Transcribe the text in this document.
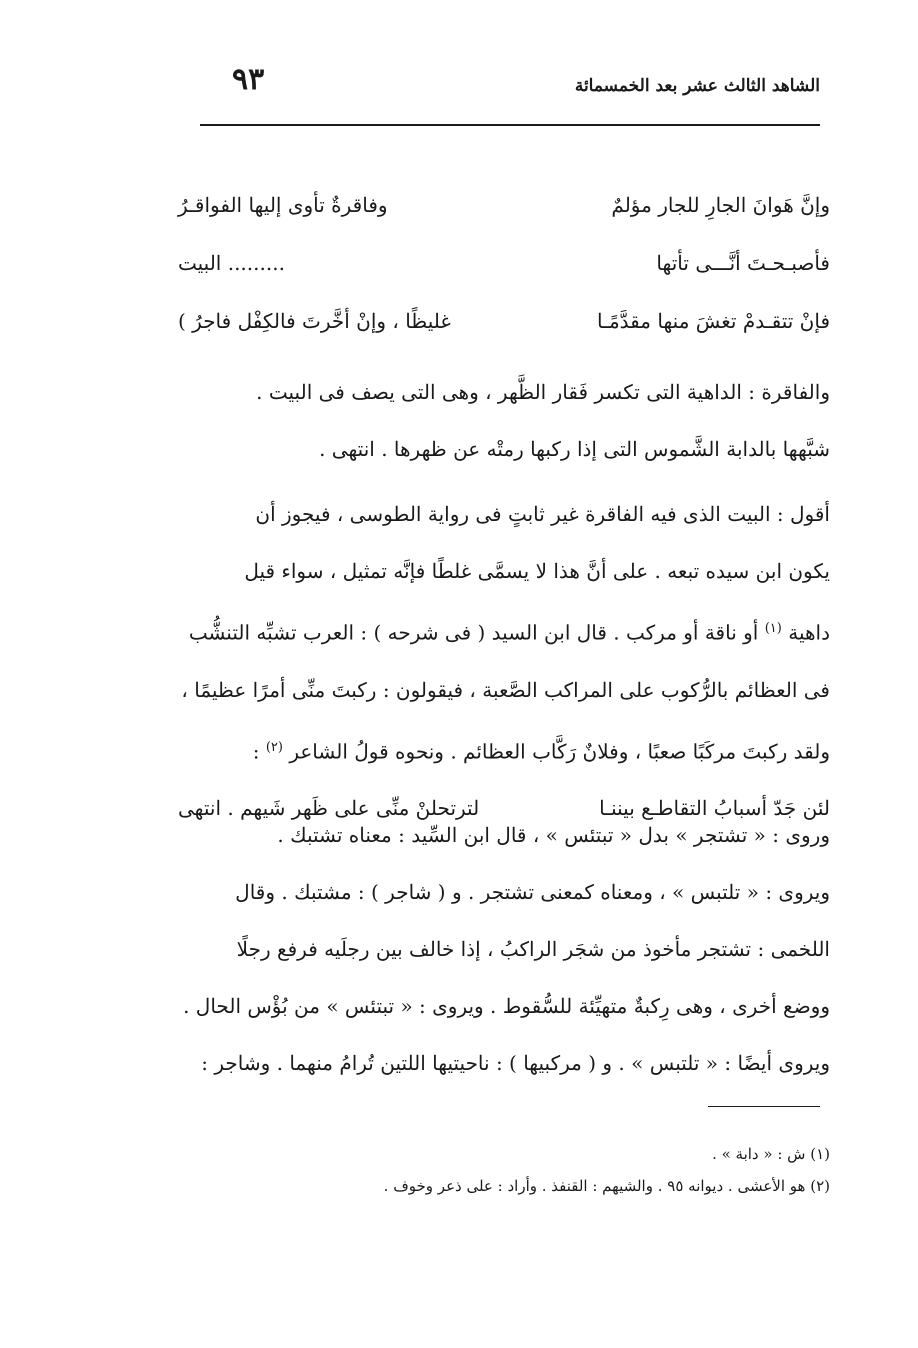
الشاهد الثالث عشر بعد الخمسمائة
٩٣
وإنَّ هَوانَ الجارِ للجار مؤلمٌ
وفاقرةٌ تأوى إليها الفواقـرُ
فأصبـحـتَ أنَّـــى تأتها
......... البيت
فإنْ تتقـدمْ تغشَ منها مقدَّمًـا
غليظًا ، وإنْ أخَّرتَ فالكِفْل فاجرُ )

والفاقرة : الداهية التى تكسر فَقار الظَّهر ، وهى التى يصف فى البيت .

شبَّهها بالدابة الشَّموس التى إذا ركبها رمتْه عن ظهرها . انتهى .

أقول : البيت الذى فيه الفاقرة غير ثابتٍ فى رواية الطوسى ، فيجوز أن

يكون ابن سيده تبعه . على أنَّ هذا لا يسمَّى غلطًا فإنَّه تمثيل ، سواء قيل

داهية $^{(١)}$ أو ناقة أو مركب . قال ابن السيد ( فى شرحه ) : العرب تشبِّه التنشُّب

فى العظائم بالرُّكوب على المراكب الصَّعبة ، فيقولون : ركبتَ منِّى أمرًا عظيمًا ،

ولقد ركبتَ مركَبًا صعبًا ، وفلانٌ رَكَّاب العظائم . ونحوه قولُ الشاعر $^{(٢)}$ :

لئن جَدّ أسبابُ التقاطـع بيننـا
لترتحلنْ منِّى على ظَهر شَيهم . انتهى

وروى : « تشتجر » بدل « تبتئس » ، قال ابن السِّيد : معناه تشتبك .

ويروى : « تلتبس » ، ومعناه كمعنى تشتجر . و ( شاجر ) : مشتبك . وقال

اللخمى : تشتجر مأخوذ من شجَر الراكبُ ، إذا خالف بين رجلَيه فرفع رجلًا

ووضع أخرى ، وهى رِكبةٌ متهيِّئة للسُّقوط . ويروى : « تبتئس » من بُؤْس الحال .

ويروى أيضًا : « تلتبس » . و ( مركبيها ) : ناحيتيها اللتين تُرامُ منهما . وشاجر :

(١) ش : « دابة » .

(٢) هو الأعشى . ديوانه ٩٥ . والشيهم : القنفذ . وأراد : على ذعر وخوف .
